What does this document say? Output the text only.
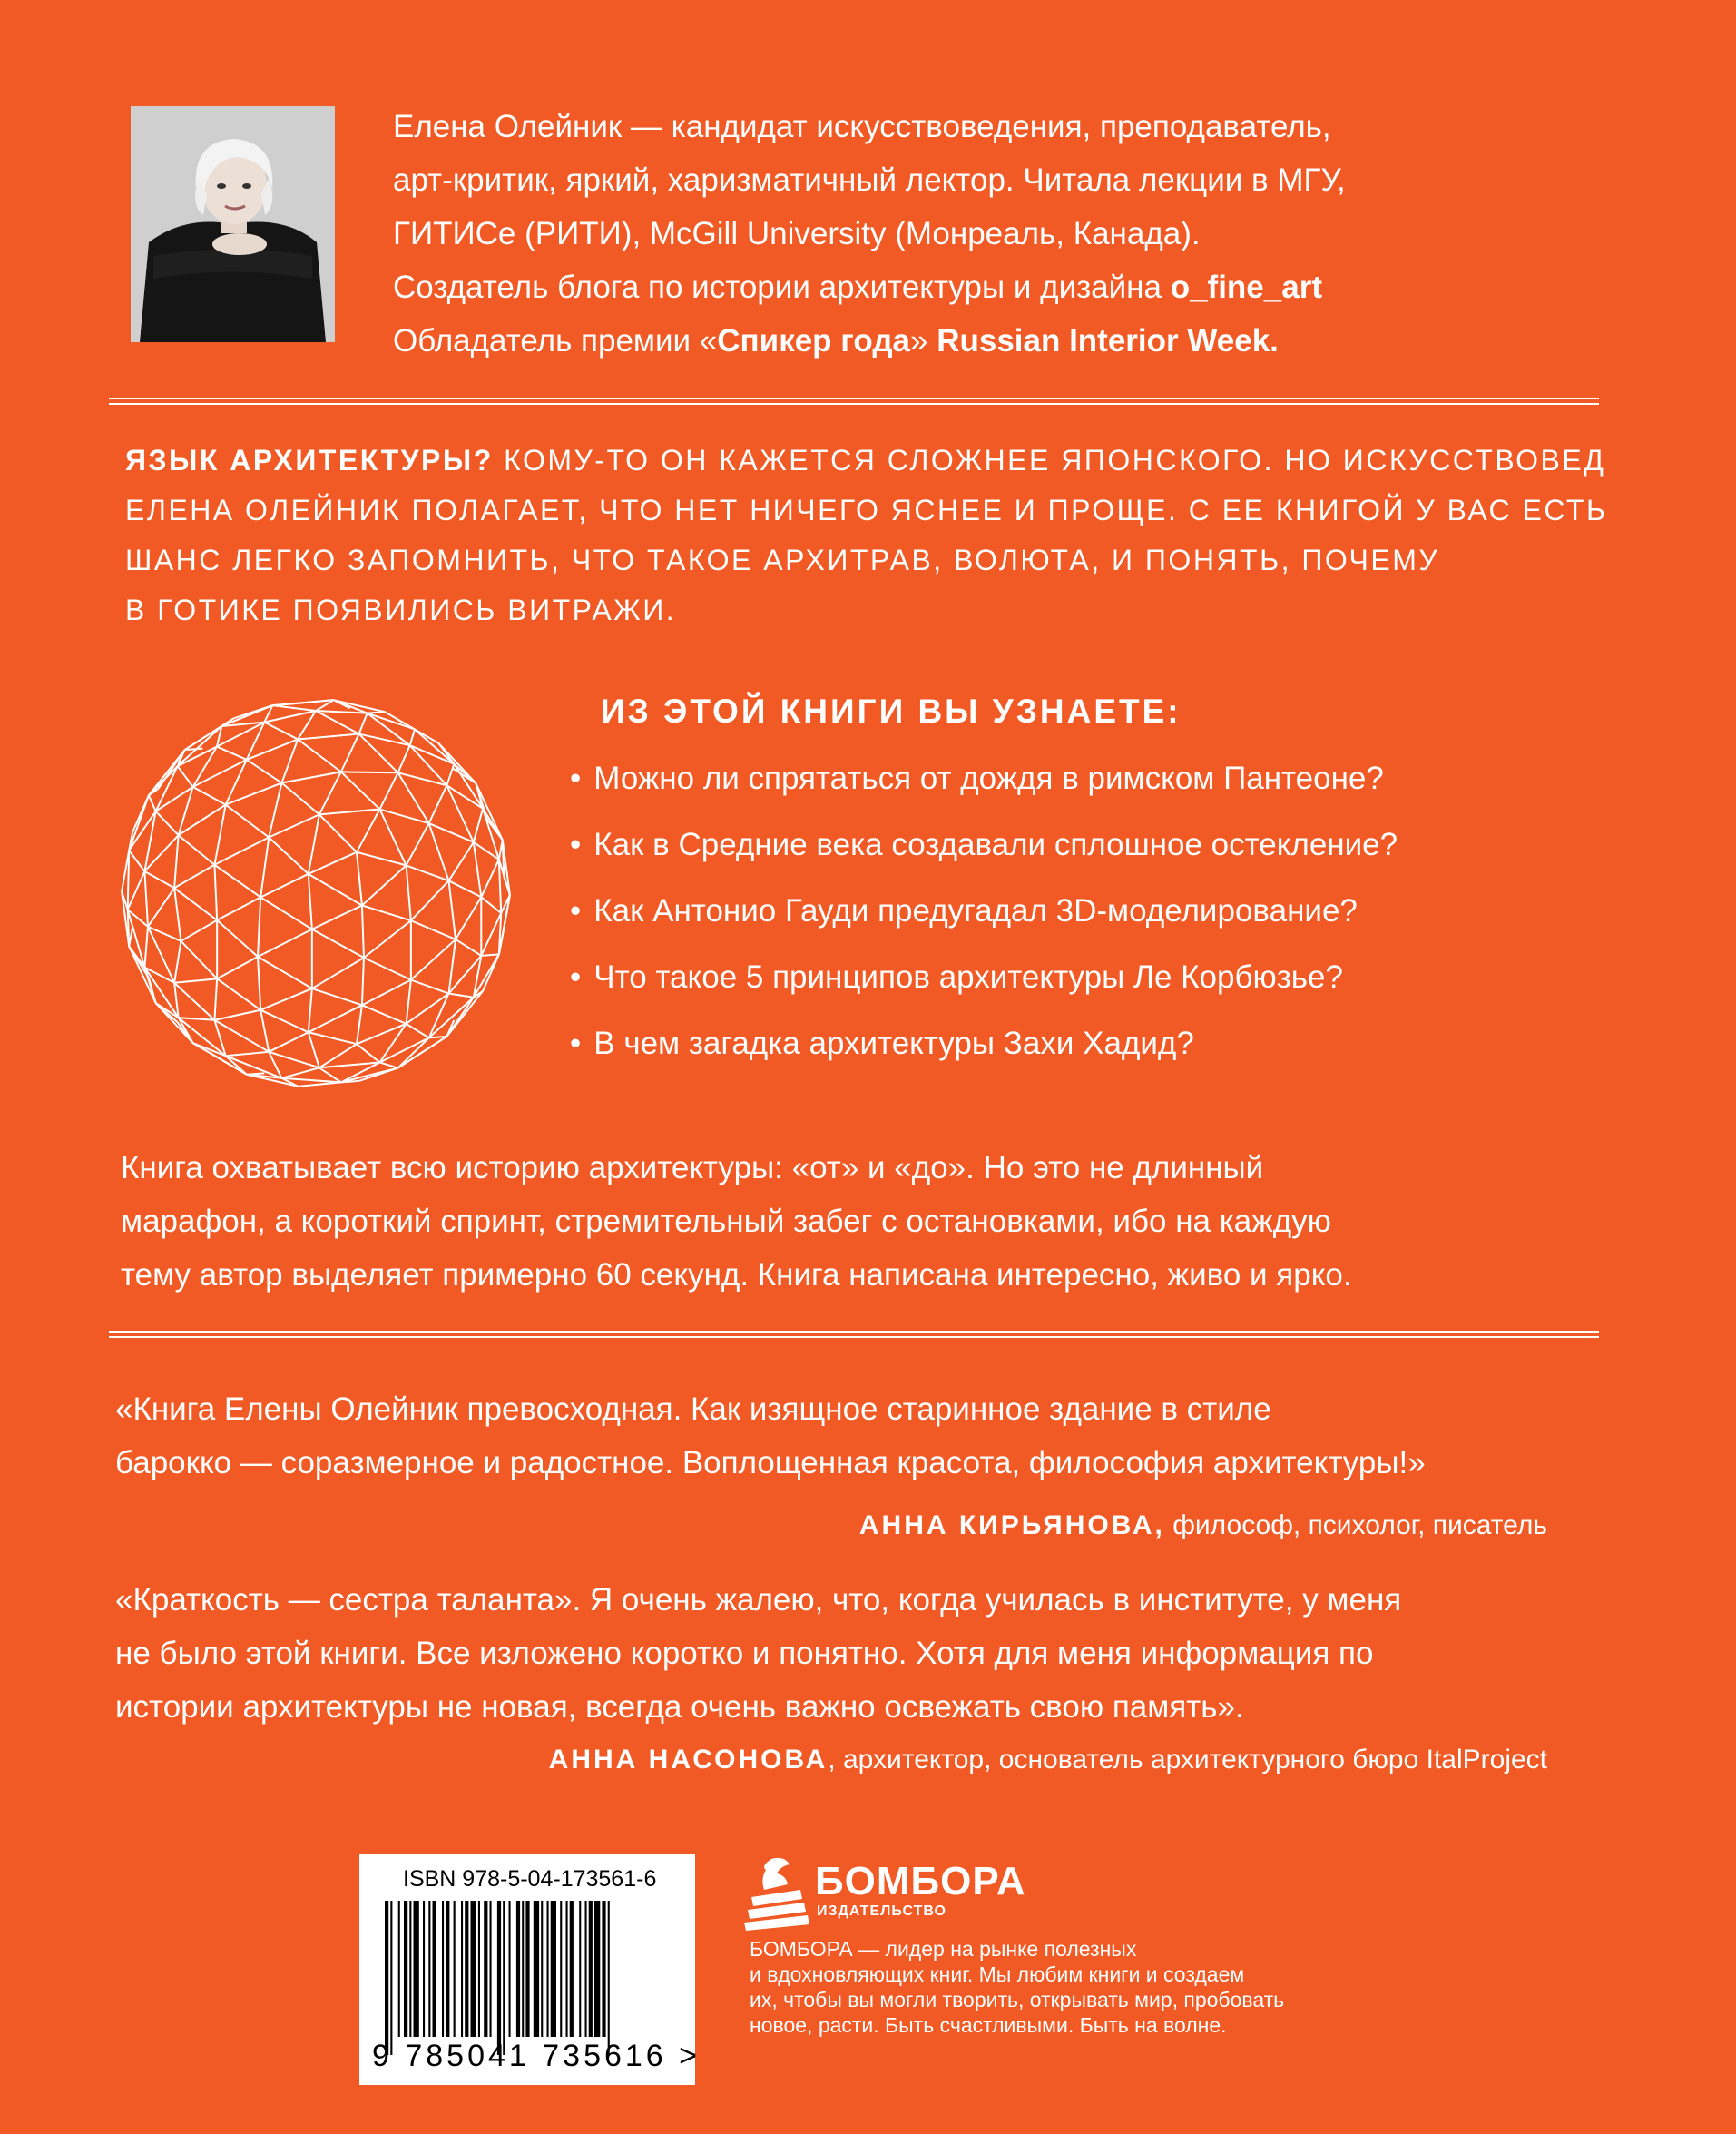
Елена Олейник — кандидат искусствоведения, преподаватель,
арт-критик, яркий, харизматичный лектор. Читала лекции в МГУ,
ГИТИСе (РИТИ), McGill University (Монреаль, Канада).
Создатель блога по истории архитектуры и дизайна o_fine_art
Обладатель премии «Спикер года» Russian Interior Week.
ЯЗЫК АРХИТЕКТУРЫ? КОМУ-ТО ОН КАЖЕТСЯ СЛОЖНЕЕ ЯПОНСКОГО. НО ИСКУССТВОВЕД
ЕЛЕНА ОЛЕЙНИК ПОЛАГАЕТ, ЧТО НЕТ НИЧЕГО ЯСНЕЕ И ПРОЩЕ. С ЕЕ КНИГОЙ У ВАС ЕСТЬ
ШАНС ЛЕГКО ЗАПОМНИТЬ, ЧТО ТАКОЕ АРХИТРАВ, ВОЛЮТА, И ПОНЯТЬ, ПОЧЕМУ
В ГОТИКЕ ПОЯВИЛИСЬ ВИТРАЖИ.
ИЗ ЭТОЙ КНИГИ ВЫ УЗНАЕТЕ:
• Можно ли спрятаться от дождя в римском Пантеоне?
• Как в Средние века создавали сплошное остекление?
• Как Антонио Гауди предугадал 3D-моделирование?
• Что такое 5 принципов архитектуры Ле Корбюзье?
• В чем загадка архитектуры Захи Хадид?
Книга охватывает всю историю архитектуры: «от» и «до». Но это не длинный
марафон, а короткий спринт, стремительный забег с остановками, ибо на каждую
тему автор выделяет примерно 60 секунд. Книга написана интересно, живо и ярко.
«Книга Елены Олейник превосходная. Как изящное старинное здание в стиле
барокко — соразмерное и радостное. Воплощенная красота, философия архитектуры!»
АННА КИРЬЯНОВА, философ, психолог, писатель
«Краткость — сестра таланта». Я очень жалею, что, когда училась в институте, у меня
не было этой книги. Все изложено коротко и понятно. Хотя для меня информация по
истории архитектуры не новая, всегда очень важно освежать свою память».
АННА НАСОНОВА, архитектор, основатель архитектурного бюро ItalProject
ISBN 978-5-04-173561-6
9 785041 735616 >
БОМБОРА
ИЗДАТЕЛЬСТВО
БОМБОРА — лидер на рынке полезных
и вдохновляющих книг. Мы любим книги и создаем
их, чтобы вы могли творить, открывать мир, пробовать
новое, расти. Быть счастливыми. Быть на волне.
